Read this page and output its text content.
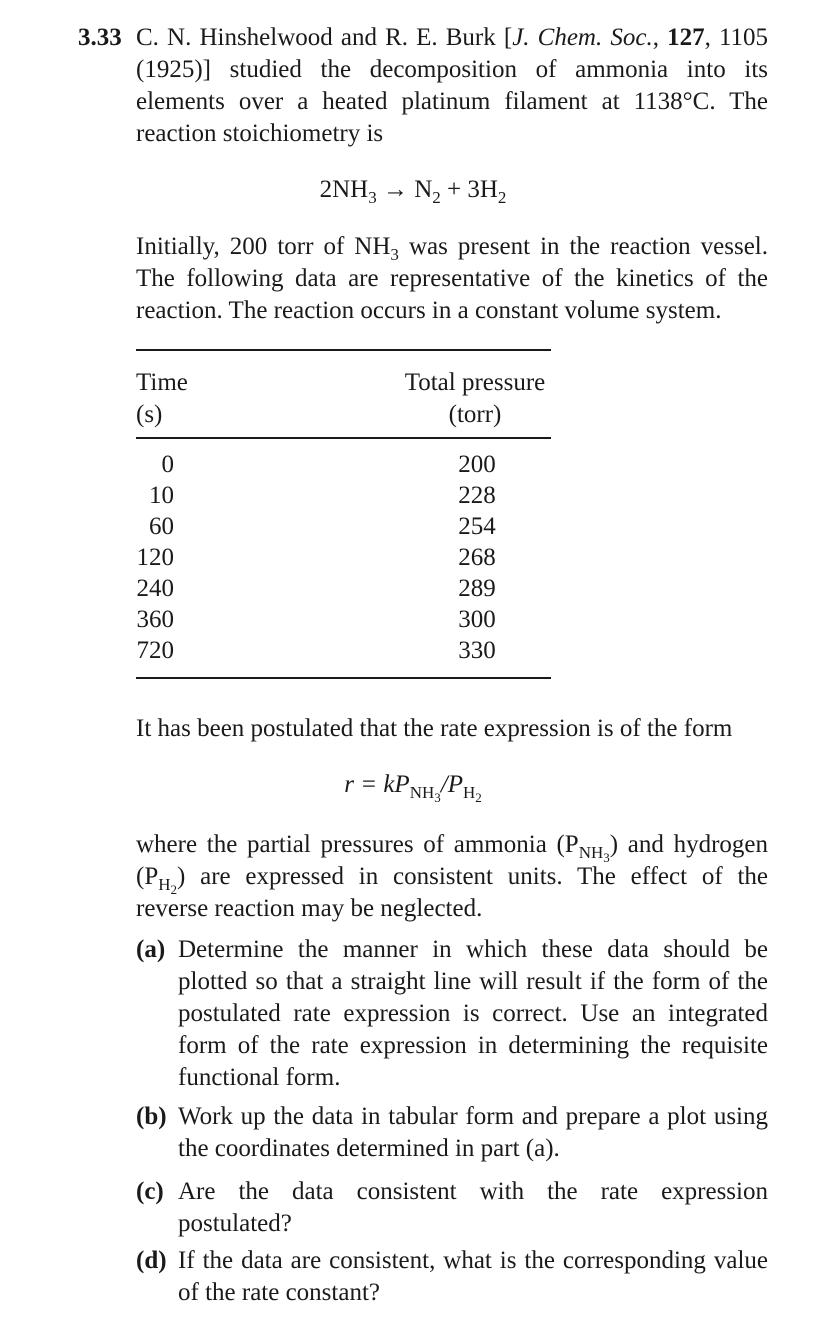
3.33 C. N. Hinshelwood and R. E. Burk [J. Chem. Soc., 127, 1105 (1925)] studied the decomposition of ammonia into its elements over a heated platinum filament at 1138°C. The reaction stoichiometry is
$2NH_3 \to N_2 + 3H_2$
Initially, 200 torr of $NH_3$ was present in the reaction vessel. The following data are representative of the kinetics of the reaction. The reaction occurs in a constant volume system.
Time
(s)
Total pressure
(torr)
0
10
60
120
240
360
720
200
228
254
268
289
300
330
It has been postulated that the rate expression is of the form
$r = kP_{NH_3}/P_{H_2}$
where the partial pressures of ammonia $(P_{NH_3})$ and hydrogen $(P_{H_2})$ are expressed in consistent units. The effect of the reverse reaction may be neglected.
(a) Determine the manner in which these data should be plotted so that a straight line will result if the form of the postulated rate expression is correct. Use an integrated form of the rate expression in determining the requisite functional form.
(b) Work up the data in tabular form and prepare a plot using the coordinates determined in part (a).
(c) Are the data consistent with the rate expression postulated?
(d) If the data are consistent, what is the corresponding value of the rate constant?
